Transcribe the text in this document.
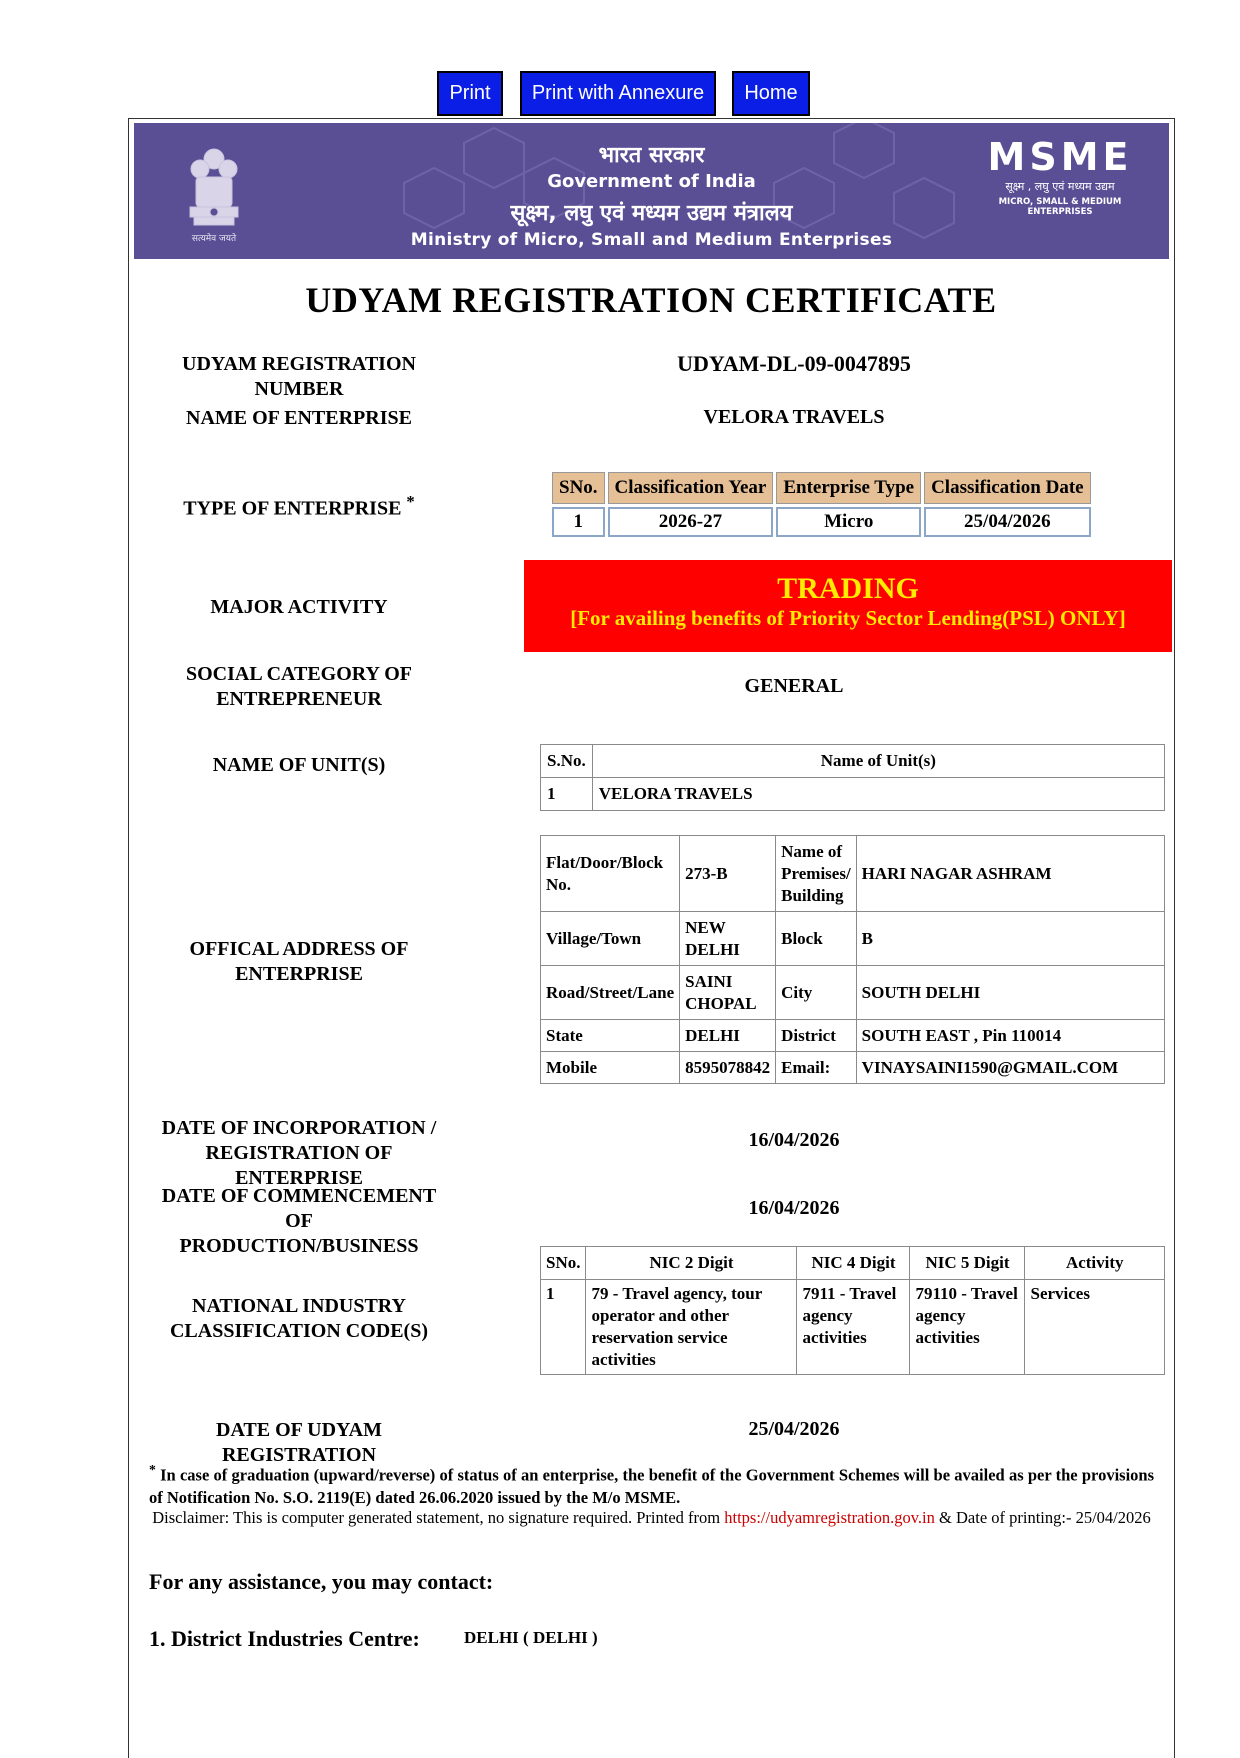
Print	Print with Annexure	Home
सत्यमेव जयते
भारत सरकार
Government of India
सूक्ष्म, लघु एवं मध्यम उद्यम मंत्रालय
Ministry of Micro, Small and Medium Enterprises
MSME
सूक्ष्म , लघु एवं मध्यम उद्यम
MICRO, SMALL & MEDIUM ENTERPRISES
UDYAM REGISTRATION CERTIFICATE
UDYAM REGISTRATION NUMBER
UDYAM-DL-09-0047895
NAME OF ENTERPRISE	VELORA TRAVELS
TYPE OF ENTERPRISE *
SNo.	Classification Year	Enterprise Type	Classification Date
1	2026-27	Micro	25/04/2026
MAJOR ACTIVITY
TRADING
[For availing benefits of Priority Sector Lending(PSL) ONLY]
SOCIAL CATEGORY OF
ENTREPRENEUR
GENERAL
NAME OF UNIT(S)	S.No.	Name of Unit(s)
1	VELORA TRAVELS
OFFICAL ADDRESS OF
ENTERPRISE
Flat/Door/Block No.	273-B	Name of Premises/ Building	HARI NAGAR ASHRAM
Village/Town	NEW DELHI	Block	B
Road/Street/Lane	SAINI CHOPAL	City	SOUTH DELHI
State	DELHI	District	SOUTH EAST , Pin 110014
Mobile	8595078842	Email:	VINAYSAINI1590@GMAIL.COM
DATE OF INCORPORATION /
REGISTRATION OF ENTERPRISE
16/04/2026
DATE OF COMMENCEMENT OF
PRODUCTION/BUSINESS
16/04/2026
NATIONAL INDUSTRY
CLASSIFICATION CODE(S)
SNo.	NIC 2 Digit	NIC 4 Digit	NIC 5 Digit	Activity
1	79 - Travel agency, tour operator and other reservation service activities	7911 - Travel agency activities	79110 - Travel agency activities	Services
DATE OF UDYAM REGISTRATION
25/04/2026
* In case of graduation (upward/reverse) of status of an enterprise, the benefit of the Government Schemes will be availed as per the provisions of Notification No. S.O. 2119(E) dated 26.06.2020 issued by the M/o MSME.
Disclaimer: This is computer generated statement, no signature required. Printed from https://udyamregistration.gov.in & Date of printing:- 25/04/2026
For any assistance, you may contact:
1. District Industries Centre:	DELHI ( DELHI )
